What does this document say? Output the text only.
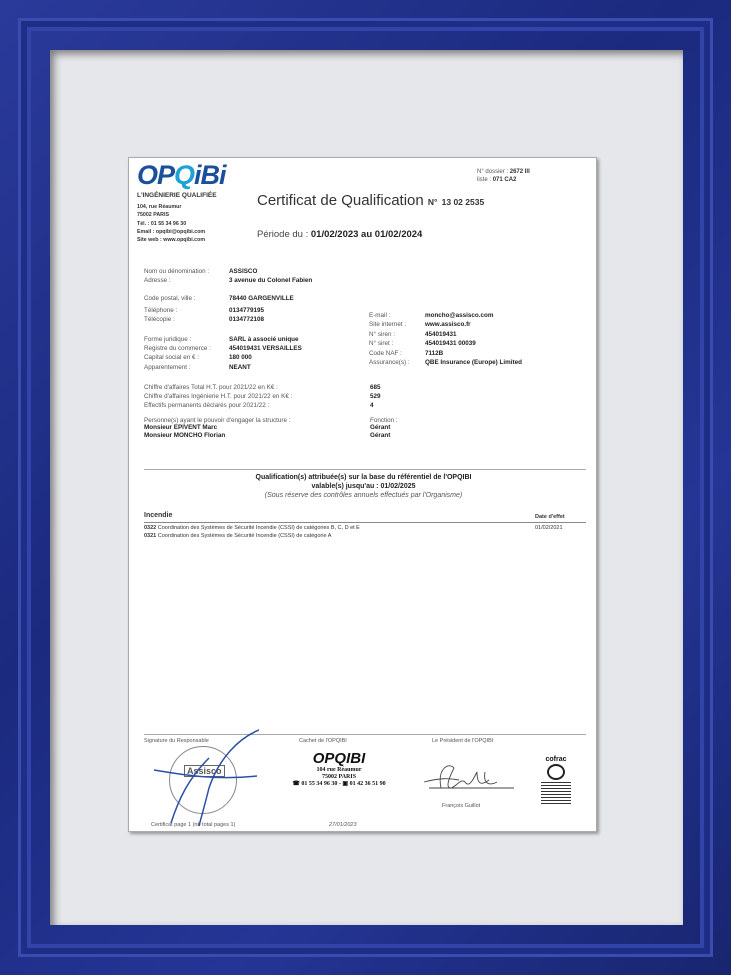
OPQiBi
L'INGÉNIERIE QUALIFIÉE
104, rue Réaumur
75002 PARIS
Tél. : 01 55 34 96 30
Email : opqibi@opqibi.com
Site web : www.opqibi.com
N° dossier : 2672 III
liste : 071 CA2
Certificat de Qualification N° 13 02 2535
Période du : 01/02/2023 au 01/02/2024
Nom ou dénomination :	ASSISCO
Adresse :	3 avenue du Colonel Fabien
Code postal, ville :	78440 GARGENVILLE
Téléphone :	0134779195
Télécopie :	0134772108
Forme juridique :	SARL à associé unique
Registre du commerce :	454019431 VERSAILLES
Capital social en € :	180 000
Apparentement :	NEANT
E-mail :	moncho@assisco.com
Site internet :	www.assisco.fr
N° siren :	454019431
N° siret :	454019431 00039
Code NAF :	7112B
Assurance(s) : QBE Insurance (Europe) Limited
Chiffre d'affaires Total H.T. pour 2021/22 en K€ :	685
Chiffre d'affaires Ingénierie H.T. pour 2021/22 en K€ :	529
Effectifs permanents déclarés pour 2021/22 :	4
Personne(s) ayant le pouvoir d'engager la structure :	Fonction :
Monsieur EPIVENT Marc	Gérant
Monsieur MONCHO Florian	Gérant
Qualification(s) attribuée(s) sur la base du référentiel de l'OPQIBI
valable(s) jusqu'au : 01/02/2025
(Sous réserve des contrôles annuels effectués par l'Organisme)
Incendie	Date d'effet
0322 Coordination des Systèmes de Sécurité Incendie (CSSI) de catégories B, C, D et E	01/02/2021
0321 Coordination des Systèmes de Sécurité Incendie (CSSI) de catégorie A
Signature du Responsable	Cachet de l'OPQIBI	Le Président de l'OPQIBI
Assisco
OPQIBI
104 rue Réaumur
75002 PARIS
☎ 01 55 34 96 30 - ▣ 01 42 36 51 90
François Guillot
cofrac
Certificat page 1 (nb total pages 1)	27/01/2023
